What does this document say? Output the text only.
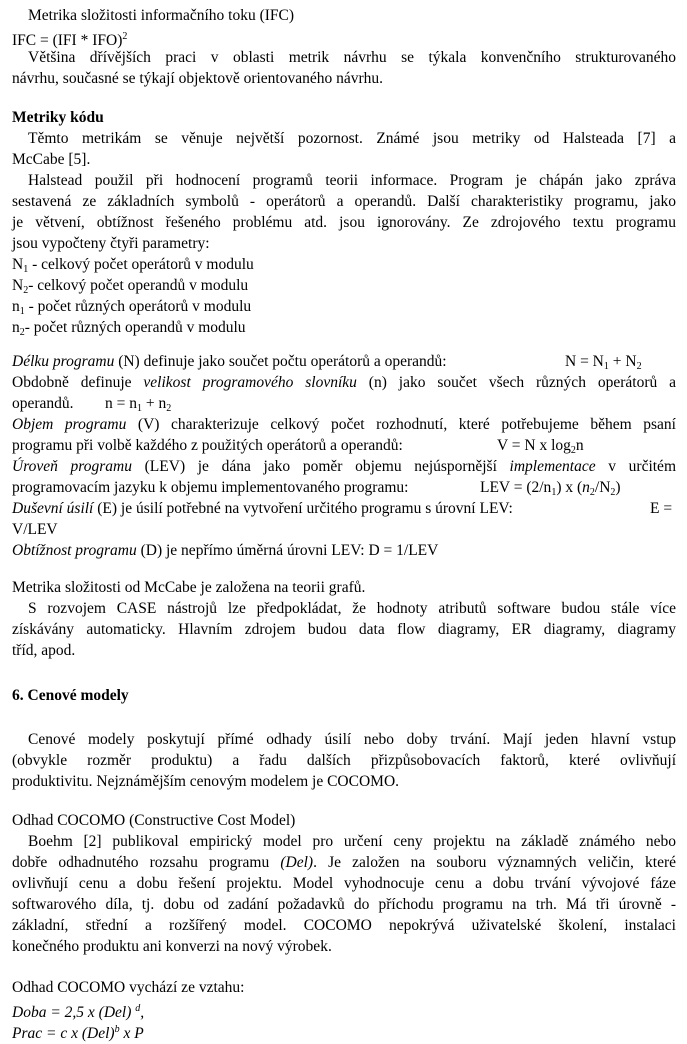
Metrika složitosti informačního toku (IFC)
IFC = (IFI * IFO)$^2$
Většina dřívějších praci v oblasti metrik návrhu se týkala konvenčního strukturovaného
návrhu, současné se týkají objektově orientovaného návrhu.
Metriky kódu
Těmto metrikám se věnuje největší pozornost. Známé jsou metriky od Halsteada [7] a
McCabe [5].
Halstead použil při hodnocení programů teorii informace. Program je chápán jako zpráva
sestavená ze základních symbolů - operátorů a operandů. Další charakteristiky programu, jako
je větvení, obtížnost řešeného problému atd. jsou ignorovány. Ze zdrojového textu programu
jsou vypočteny čtyři parametry:
$N_1$ - celkový počet operátorů v modulu
$N_2-$ celkový počet operandů v modulu
$n_1$ - počet různých operátorů v modulu
$n_2-$ počet různých operandů v modulu
Délku programu (N) definuje jako součet počtu operátorů a operandů:	$N = N_1 + N_2$
Obdobně definuje velikost programového slovníku (n) jako součet všech různých operátorů a
operandů. $n = n_1 + n_2$
Objem programu (V) charakterizuje celkový počet rozhodnutí, které potřebujeme během psaní
programu při volbě každého z použitých operátorů a operandů:	V = N x $\log_2n$
Úroveň programu (LEV) je dána jako poměr objemu nejúspornější implementace v určitém
programovacím jazyku k objemu implementovaného programu:	LEV = $(2/n_1)$ x $(n_2/N_2)$
Duševní úsilí (E) je úsilí potřebné na vytvoření určitého programu s úrovní LEV:	E =
V/LEV
Obtížnost programu (D) je nepřímo úměrná úrovni LEV: D = 1/LEV
Metrika složitosti od McCabe je založena na teorii grafů.
S rozvojem CASE nástrojů lze předpokládat, že hodnoty atributů software budou stále více
získávány automaticky. Hlavním zdrojem budou data flow diagramy, ER diagramy, diagramy
tříd, apod.
6. Cenové modely
Cenové modely poskytují přímé odhady úsilí nebo doby trvání. Mají jeden hlavní vstup
(obvykle rozměr produktu) a řadu dalších přizpůsobovacích faktorů, které ovlivňují
produktivitu. Nejznámějším cenovým modelem je COCOMO.
Odhad COCOMO (Constructive Cost Model)
Boehm [2] publikoval empirický model pro určení ceny projektu na základě známého nebo
dobře odhadnutého rozsahu programu (Del). Je založen na souboru významných veličin, které
ovlivňují cenu a dobu řešení projektu. Model vyhodnocuje cenu a dobu trvání vývojové fáze
softwarového díla, tj. dobu od zadání požadavků do příchodu programu na trh. Má tři úrovně -
základní, střední a rozšířený model. COCOMO nepokrývá uživatelské školení, instalaci
konečného produktu ani konverzi na nový výrobek.
Odhad COCOMO vychází ze vztahu:
Doba = 2,5 x (Del) $^d$,
Prac = c x (Del)$^b$ x P
